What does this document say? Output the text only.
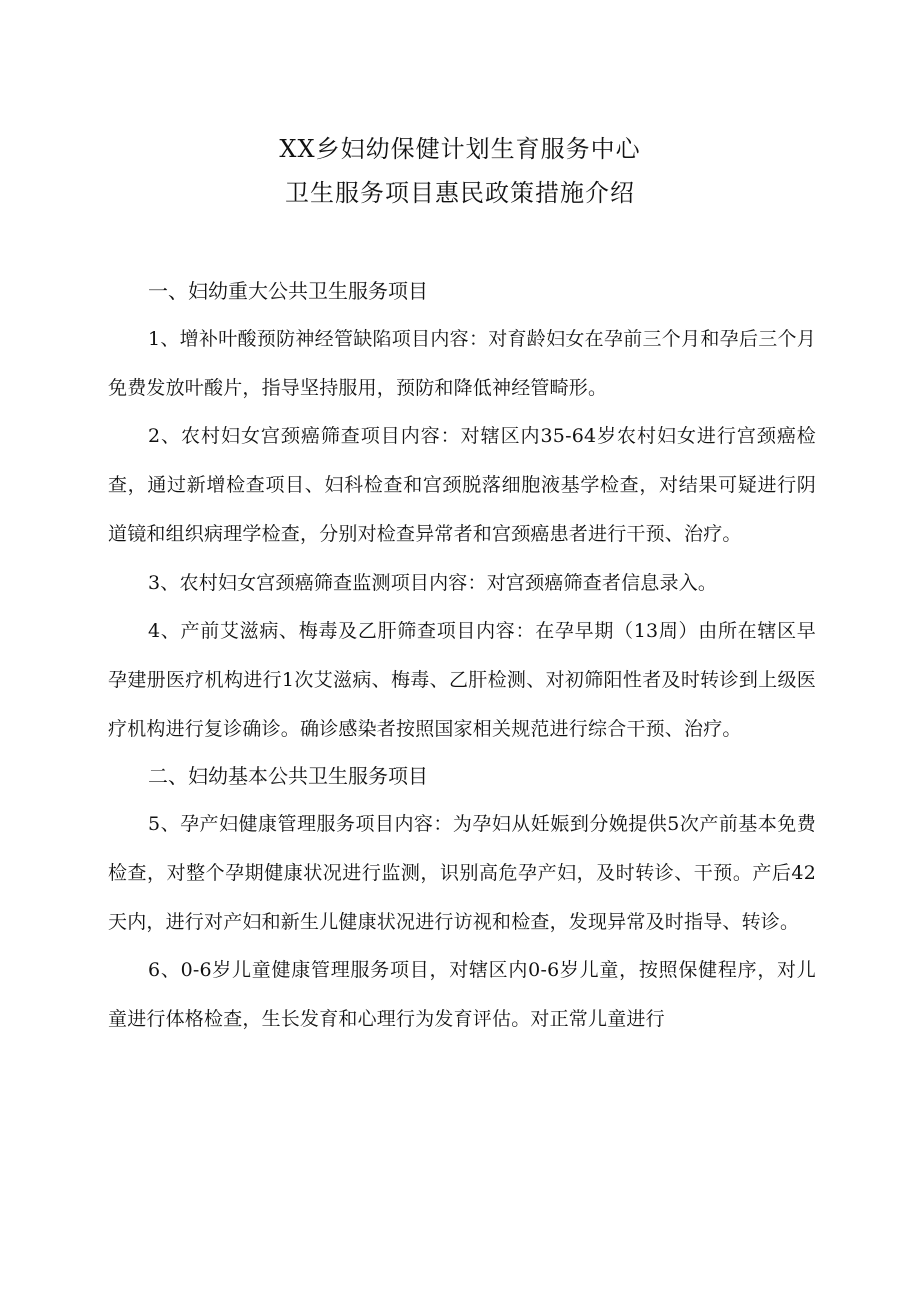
XX乡妇幼保健计划生育服务中心
卫生服务项目惠民政策措施介绍
一、妇幼重大公共卫生服务项目

1、增补叶酸预防神经管缺陷项目内容：对育龄妇女在孕前三个月和孕后三个月免费发放叶酸片，指导坚持服用，预防和降低神经管畸形。

2、农村妇女宫颈癌筛查项目内容：对辖区内35-64岁农村妇女进行宫颈癌检查，通过新增检查项目、妇科检查和宫颈脱落细胞液基学检查，对结果可疑进行阴道镜和组织病理学检查，分别对检查异常者和宫颈癌患者进行干预、治疗。

3、农村妇女宫颈癌筛查监测项目内容：对宫颈癌筛查者信息录入。

4、产前艾滋病、梅毒及乙肝筛查项目内容：在孕早期（13周）由所在辖区早孕建册医疗机构进行1次艾滋病、梅毒、乙肝检测、对初筛阳性者及时转诊到上级医疗机构进行复诊确诊。确诊感染者按照国家相关规范进行综合干预、治疗。

二、妇幼基本公共卫生服务项目

5、孕产妇健康管理服务项目内容：为孕妇从妊娠到分娩提供5次产前基本免费检查，对整个孕期健康状况进行监测，识别高危孕产妇，及时转诊、干预。产后42天内，进行对产妇和新生儿健康状况进行访视和检查，发现异常及时指导、转诊。

6、0-6岁儿童健康管理服务项目，对辖区内0-6岁儿童，按照保健程序，对儿童进行体格检查，生长发育和心理行为发育评估。对正常儿童进行
